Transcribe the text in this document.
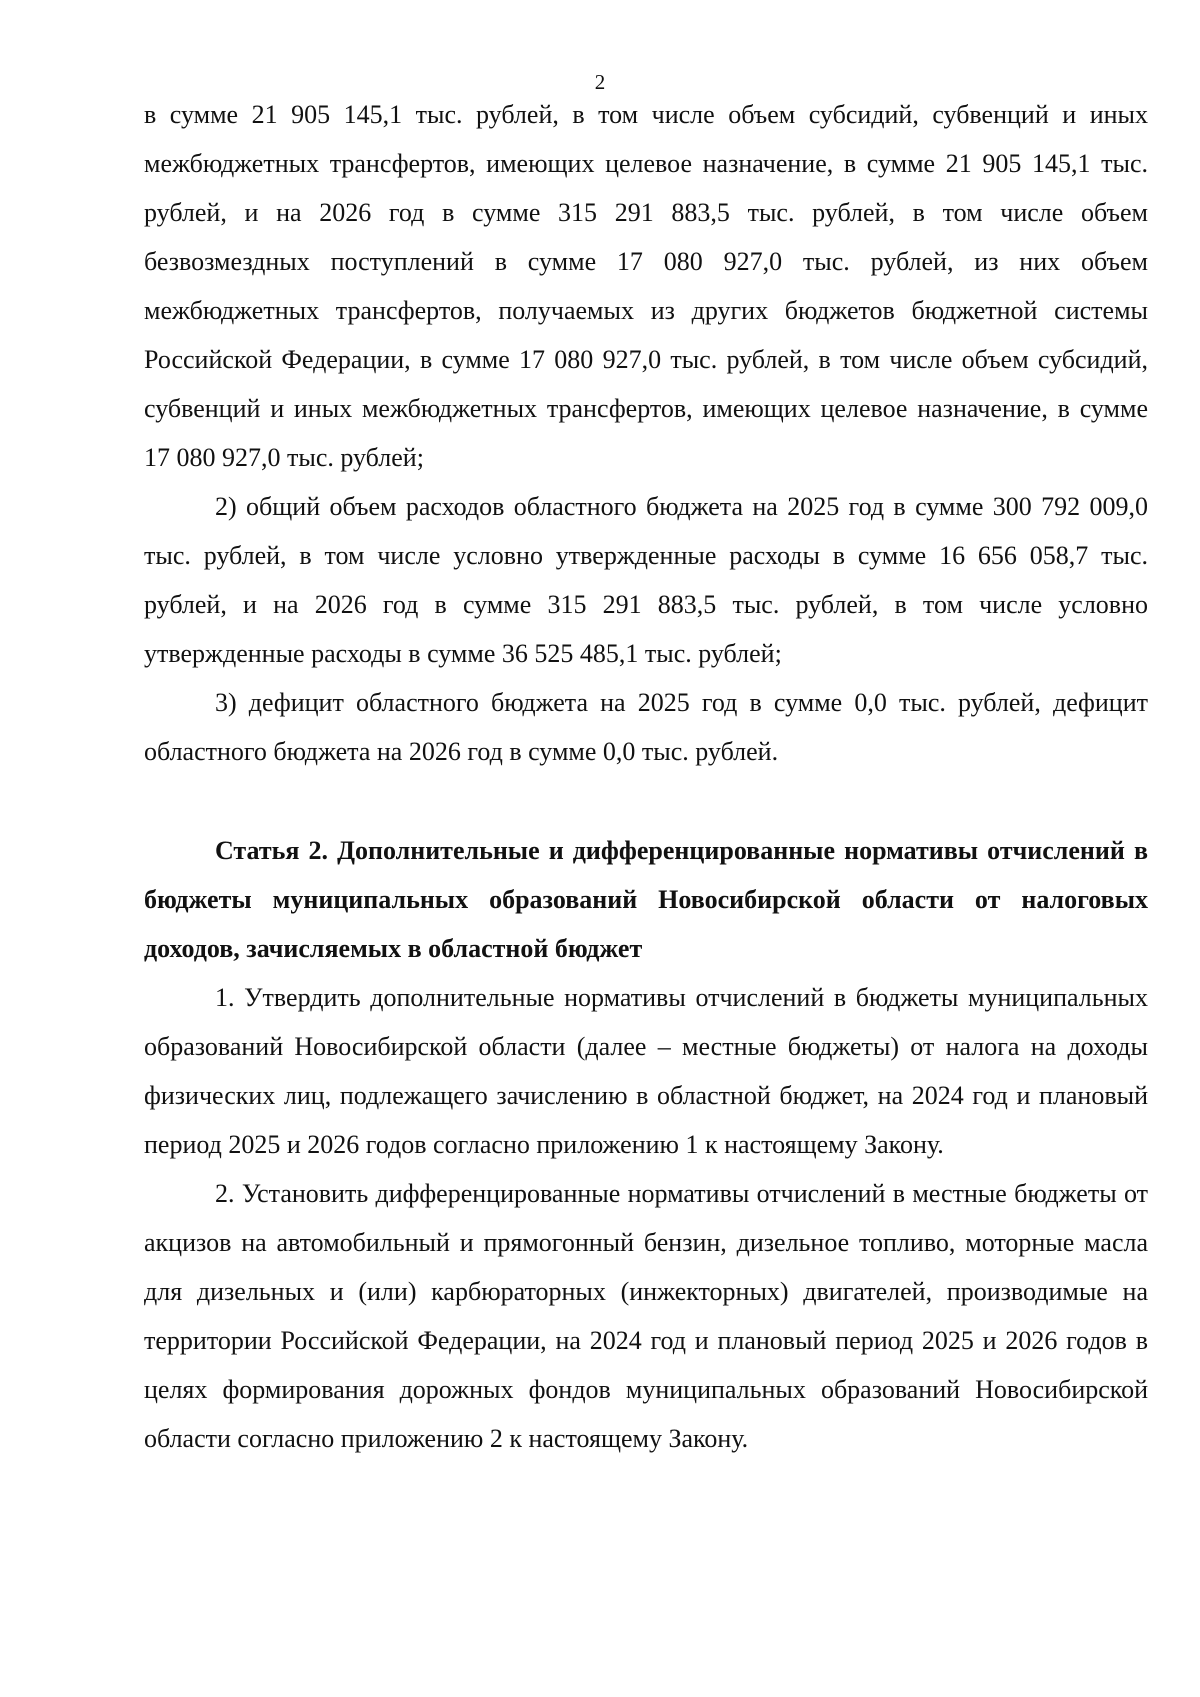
2

в сумме 21 905 145,1 тыс. рублей, в том числе объем субсидий, субвенций и иных межбюджетных трансфертов, имеющих целевое назначение, в сумме 21 905 145,1 тыс. рублей, и на 2026 год в сумме 315 291 883,5 тыс. рублей, в том числе объем безвозмездных поступлений в сумме 17 080 927,0 тыс. рублей, из них объем межбюджетных трансфертов, получаемых из других бюджетов бюджетной системы Российской Федерации, в сумме 17 080 927,0 тыс. рублей, в том числе объем субсидий, субвенций и иных межбюджетных трансфертов, имеющих целевое назначение, в сумме 17 080 927,0 тыс. рублей;

2) общий объем расходов областного бюджета на 2025 год в сумме 300 792 009,0 тыс. рублей, в том числе условно утвержденные расходы в сумме 16 656 058,7 тыс. рублей, и на 2026 год в сумме 315 291 883,5 тыс. рублей, в том числе условно утвержденные расходы в сумме 36 525 485,1 тыс. рублей;

3) дефицит областного бюджета на 2025 год в сумме 0,0 тыс. рублей, дефицит областного бюджета на 2026 год в сумме 0,0 тыс. рублей.

Статья 2. Дополнительные и дифференцированные нормативы отчислений в бюджеты муниципальных образований Новосибирской области от налоговых доходов, зачисляемых в областной бюджет

1. Утвердить дополнительные нормативы отчислений в бюджеты муниципальных образований Новосибирской области (далее – местные бюджеты) от налога на доходы физических лиц, подлежащего зачислению в областной бюджет, на 2024 год и плановый период 2025 и 2026 годов согласно приложению 1 к настоящему Закону.

2. Установить дифференцированные нормативы отчислений в местные бюджеты от акцизов на автомобильный и прямогонный бензин, дизельное топливо, моторные масла для дизельных и (или) карбюраторных (инжекторных) двигателей, производимые на территории Российской Федерации, на 2024 год и плановый период 2025 и 2026 годов в целях формирования дорожных фондов муниципальных образований Новосибирской области согласно приложению 2 к настоящему Закону.
